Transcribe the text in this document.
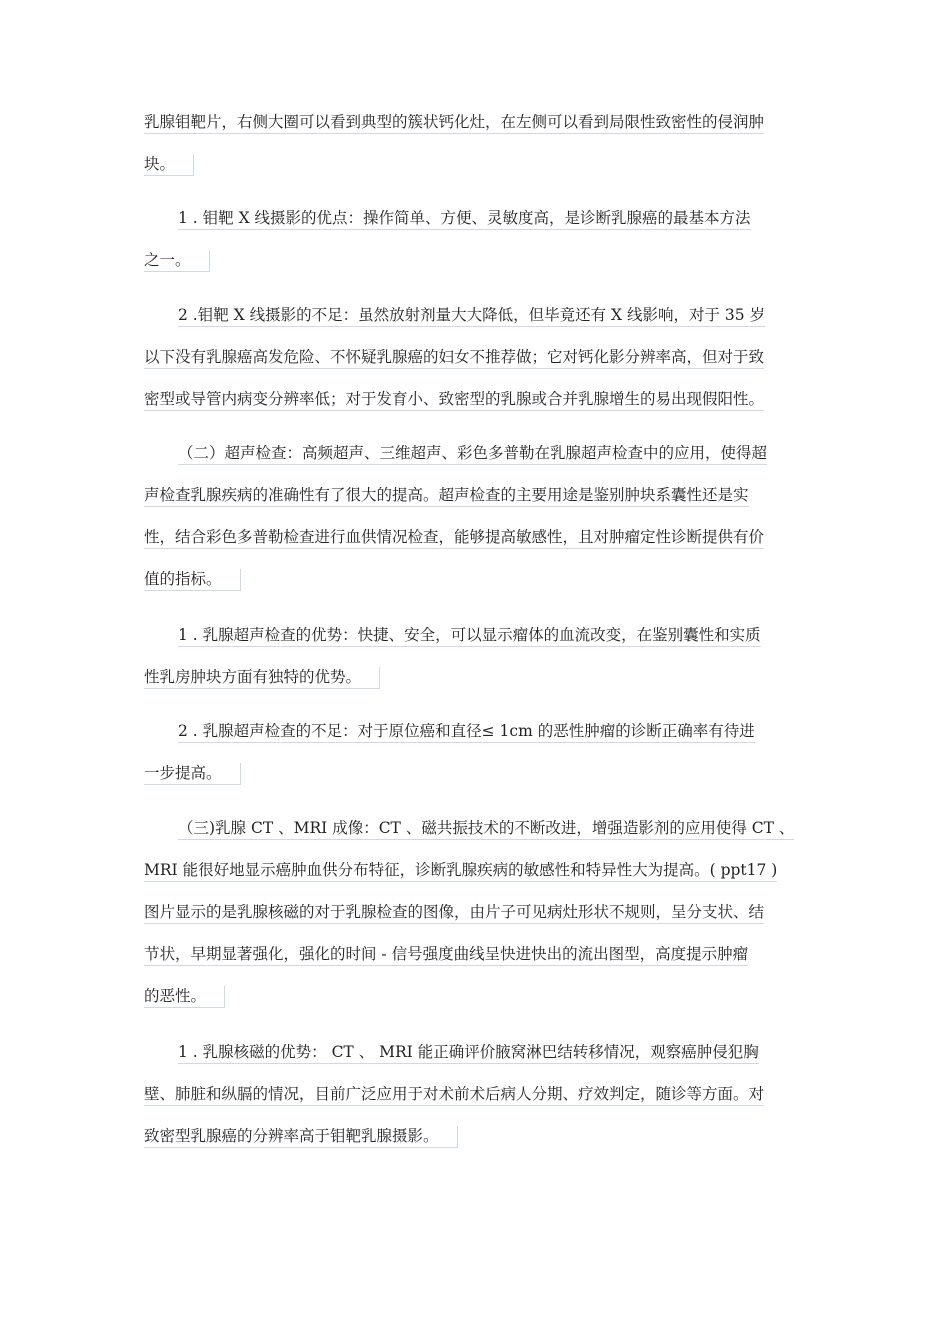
乳腺钼靶片，右侧大圈可以看到典型的簇状钙化灶，在左侧可以看到局限性致密性的侵润肿
块。
1 . 钼靶 X 线摄影的优点：操作简单、方便、灵敏度高，是诊断乳腺癌的最基本方法
之一。
2 .钼靶 X 线摄影的不足：虽然放射剂量大大降低，但毕竟还有 X 线影响，对于 35 岁
以下没有乳腺癌高发危险、不怀疑乳腺癌的妇女不推荐做；它对钙化影分辨率高，但对于致
密型或导管内病变分辨率低；对于发育小、致密型的乳腺或合并乳腺增生的易出现假阳性。
（二）超声检查：高频超声、三维超声、彩色多普勒在乳腺超声检查中的应用，使得超
声检查乳腺疾病的准确性有了很大的提高。超声检查的主要用途是鉴别肿块系囊性还是实
性，结合彩色多普勒检查进行血供情况检查，能够提高敏感性，且对肿瘤定性诊断提供有价
值的指标。
1 . 乳腺超声检查的优势：快捷、安全，可以显示瘤体的血流改变，在鉴别囊性和实质
性乳房肿块方面有独特的优势。
2 . 乳腺超声检查的不足：对于原位癌和直径≤ 1cm 的恶性肿瘤的诊断正确率有待进
一步提高。
（三)乳腺 CT 、MRI 成像：CT 、磁共振技术的不断改进，增强造影剂的应用使得 CT 、
MRI 能很好地显示癌肿血供分布特征，诊断乳腺疾病的敏感性和特异性大为提高。( ppt17 )
图片显示的是乳腺核磁的对于乳腺检查的图像，由片子可见病灶形状不规则，呈分支状、结
节状，早期显著强化，强化的时间 - 信号强度曲线呈快进快出的流出图型，高度提示肿瘤
的恶性。
1 . 乳腺核磁的优势： CT 、 MRI 能正确评价腋窝淋巴结转移情况，观察癌肿侵犯胸
壁、肺脏和纵膈的情况，目前广泛应用于对术前术后病人分期、疗效判定，随诊等方面。对
致密型乳腺癌的分辨率高于钼靶乳腺摄影。
